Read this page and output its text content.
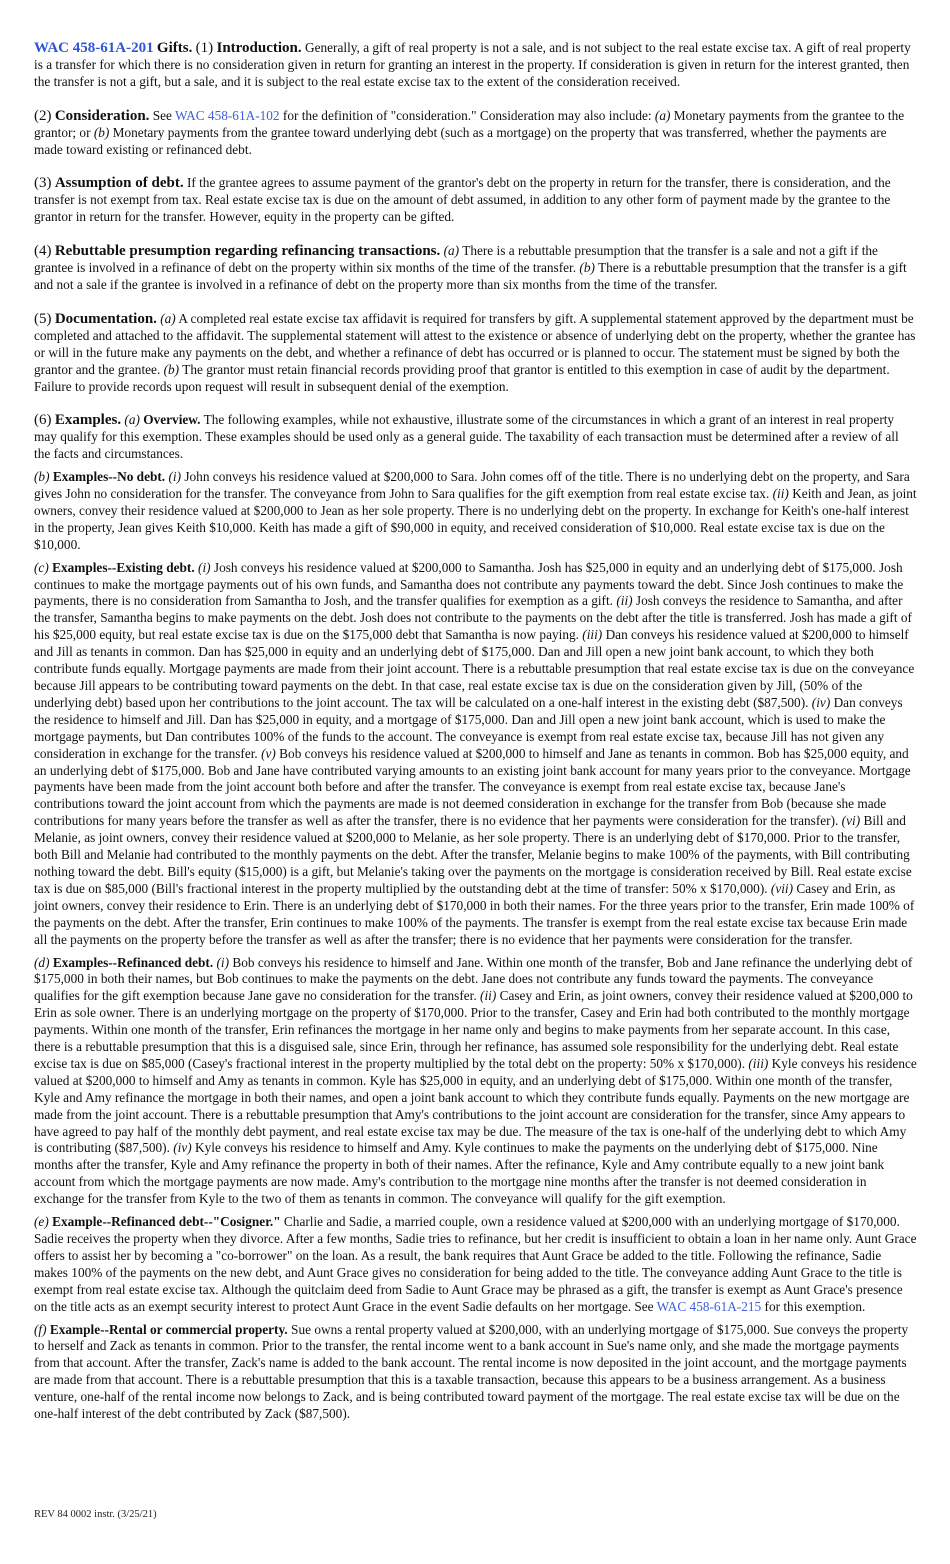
WAC 458-61A-201 Gifts. (1) Introduction. Generally, a gift of real property is not a sale, and is not subject to the real estate excise tax. A gift of real property is a transfer for which there is no consideration given in return for granting an interest in the property. If consideration is given in return for the interest granted, then the transfer is not a gift, but a sale, and it is subject to the real estate excise tax to the extent of the consideration received.

(2) Consideration. See WAC 458-61A-102 for the definition of "consideration." Consideration may also include: (a) Monetary payments from the grantee to the grantor; or (b) Monetary payments from the grantee toward underlying debt (such as a mortgage) on the property that was transferred, whether the payments are made toward existing or refinanced debt.

(3) Assumption of debt. If the grantee agrees to assume payment of the grantor's debt on the property in return for the transfer, there is consideration, and the transfer is not exempt from tax. Real estate excise tax is due on the amount of debt assumed, in addition to any other form of payment made by the grantee to the grantor in return for the transfer. However, equity in the property can be gifted.

(4) Rebuttable presumption regarding refinancing transactions. (a) There is a rebuttable presumption that the transfer is a sale and not a gift if the grantee is involved in a refinance of debt on the property within six months of the time of the transfer. (b) There is a rebuttable presumption that the transfer is a gift and not a sale if the grantee is involved in a refinance of debt on the property more than six months from the time of the transfer.

(5) Documentation. (a) A completed real estate excise tax affidavit is required for transfers by gift. A supplemental statement approved by the department must be completed and attached to the affidavit. The supplemental statement will attest to the existence or absence of underlying debt on the property, whether the grantee has or will in the future make any payments on the debt, and whether a refinance of debt has occurred or is planned to occur. The statement must be signed by both the grantor and the grantee. (b) The grantor must retain financial records providing proof that grantor is entitled to this exemption in case of audit by the department. Failure to provide records upon request will result in subsequent denial of the exemption.

(6) Examples. (a) Overview. The following examples, while not exhaustive, illustrate some of the circumstances in which a grant of an interest in real property may qualify for this exemption. These examples should be used only as a general guide. The taxability of each transaction must be determined after a review of all the facts and circumstances.

(b) Examples--No debt. (i) John conveys his residence valued at $200,000 to Sara. John comes off of the title. There is no underlying debt on the property, and Sara gives John no consideration for the transfer. The conveyance from John to Sara qualifies for the gift exemption from real estate excise tax. (ii) Keith and Jean, as joint owners, convey their residence valued at $200,000 to Jean as her sole property. There is no underlying debt on the property. In exchange for Keith's one-half interest in the property, Jean gives Keith $10,000. Keith has made a gift of $90,000 in equity, and received consideration of $10,000. Real estate excise tax is due on the $10,000.

(c) Examples--Existing debt. (i) Josh conveys his residence valued at $200,000 to Samantha. Josh has $25,000 in equity and an underlying debt of $175,000. Josh continues to make the mortgage payments out of his own funds, and Samantha does not contribute any payments toward the debt. Since Josh continues to make the payments, there is no consideration from Samantha to Josh, and the transfer qualifies for exemption as a gift. (ii) Josh conveys the residence to Samantha, and after the transfer, Samantha begins to make payments on the debt. Josh does not contribute to the payments on the debt after the title is transferred. Josh has made a gift of his $25,000 equity, but real estate excise tax is due on the $175,000 debt that Samantha is now paying. (iii) Dan conveys his residence valued at $200,000 to himself and Jill as tenants in common. Dan has $25,000 in equity and an underlying debt of $175,000. Dan and Jill open a new joint bank account, to which they both contribute funds equally. Mortgage payments are made from their joint account. There is a rebuttable presumption that real estate excise tax is due on the conveyance because Jill appears to be contributing toward payments on the debt. In that case, real estate excise tax is due on the consideration given by Jill, (50% of the underlying debt) based upon her contributions to the joint account. The tax will be calculated on a one-half interest in the existing debt ($87,500). (iv) Dan conveys the residence to himself and Jill. Dan has $25,000 in equity, and a mortgage of $175,000. Dan and Jill open a new joint bank account, which is used to make the mortgage payments, but Dan contributes 100% of the funds to the account. The conveyance is exempt from real estate excise tax, because Jill has not given any consideration in exchange for the transfer. (v) Bob conveys his residence valued at $200,000 to himself and Jane as tenants in common. Bob has $25,000 equity, and an underlying debt of $175,000. Bob and Jane have contributed varying amounts to an existing joint bank account for many years prior to the conveyance. Mortgage payments have been made from the joint account both before and after the transfer. The conveyance is exempt from real estate excise tax, because Jane's contributions toward the joint account from which the payments are made is not deemed consideration in exchange for the transfer from Bob (because she made contributions for many years before the transfer as well as after the transfer, there is no evidence that her payments were consideration for the transfer). (vi) Bill and Melanie, as joint owners, convey their residence valued at $200,000 to Melanie, as her sole property. There is an underlying debt of $170,000. Prior to the transfer, both Bill and Melanie had contributed to the monthly payments on the debt. After the transfer, Melanie begins to make 100% of the payments, with Bill contributing nothing toward the debt. Bill's equity ($15,000) is a gift, but Melanie's taking over the payments on the mortgage is consideration received by Bill. Real estate excise tax is due on $85,000 (Bill's fractional interest in the property multiplied by the outstanding debt at the time of transfer: 50% x $170,000). (vii) Casey and Erin, as joint owners, convey their residence to Erin. There is an underlying debt of $170,000 in both their names. For the three years prior to the transfer, Erin made 100% of the payments on the debt. After the transfer, Erin continues to make 100% of the payments. The transfer is exempt from the real estate excise tax because Erin made all the payments on the property before the transfer as well as after the transfer; there is no evidence that her payments were consideration for the transfer.

(d) Examples--Refinanced debt. (i) Bob conveys his residence to himself and Jane. Within one month of the transfer, Bob and Jane refinance the underlying debt of $175,000 in both their names, but Bob continues to make the payments on the debt. Jane does not contribute any funds toward the payments. The conveyance qualifies for the gift exemption because Jane gave no consideration for the transfer. (ii) Casey and Erin, as joint owners, convey their residence valued at $200,000 to Erin as sole owner. There is an underlying mortgage on the property of $170,000. Prior to the transfer, Casey and Erin had both contributed to the monthly mortgage payments. Within one month of the transfer, Erin refinances the mortgage in her name only and begins to make payments from her separate account. In this case, there is a rebuttable presumption that this is a disguised sale, since Erin, through her refinance, has assumed sole responsibility for the underlying debt. Real estate excise tax is due on $85,000 (Casey's fractional interest in the property multiplied by the total debt on the property: 50% x $170,000). (iii) Kyle conveys his residence valued at $200,000 to himself and Amy as tenants in common. Kyle has $25,000 in equity, and an underlying debt of $175,000. Within one month of the transfer, Kyle and Amy refinance the mortgage in both their names, and open a joint bank account to which they contribute funds equally. Payments on the new mortgage are made from the joint account. There is a rebuttable presumption that Amy's contributions to the joint account are consideration for the transfer, since Amy appears to have agreed to pay half of the monthly debt payment, and real estate excise tax may be due. The measure of the tax is one-half of the underlying debt to which Amy is contributing ($87,500). (iv) Kyle conveys his residence to himself and Amy. Kyle continues to make the payments on the underlying debt of $175,000. Nine months after the transfer, Kyle and Amy refinance the property in both of their names. After the refinance, Kyle and Amy contribute equally to a new joint bank account from which the mortgage payments are now made. Amy's contribution to the mortgage nine months after the transfer is not deemed consideration in exchange for the transfer from Kyle to the two of them as tenants in common. The conveyance will qualify for the gift exemption.

(e) Example--Refinanced debt--"Cosigner." Charlie and Sadie, a married couple, own a residence valued at $200,000 with an underlying mortgage of $170,000. Sadie receives the property when they divorce. After a few months, Sadie tries to refinance, but her credit is insufficient to obtain a loan in her name only. Aunt Grace offers to assist her by becoming a "co-borrower" on the loan. As a result, the bank requires that Aunt Grace be added to the title. Following the refinance, Sadie makes 100% of the payments on the new debt, and Aunt Grace gives no consideration for being added to the title. The conveyance adding Aunt Grace to the title is exempt from real estate excise tax. Although the quitclaim deed from Sadie to Aunt Grace may be phrased as a gift, the transfer is exempt as Aunt Grace's presence on the title acts as an exempt security interest to protect Aunt Grace in the event Sadie defaults on her mortgage. See WAC 458-61A-215 for this exemption.

(f) Example--Rental or commercial property. Sue owns a rental property valued at $200,000, with an underlying mortgage of $175,000. Sue conveys the property to herself and Zack as tenants in common. Prior to the transfer, the rental income went to a bank account in Sue's name only, and she made the mortgage payments from that account. After the transfer, Zack's name is added to the bank account. The rental income is now deposited in the joint account, and the mortgage payments are made from that account. There is a rebuttable presumption that this is a taxable transaction, because this appears to be a business arrangement. As a business venture, one-half of the rental income now belongs to Zack, and is being contributed toward payment of the mortgage. The real estate excise tax will be due on the one-half interest of the debt contributed by Zack ($87,500).

REV 84 0002 instr. (3/25/21)
